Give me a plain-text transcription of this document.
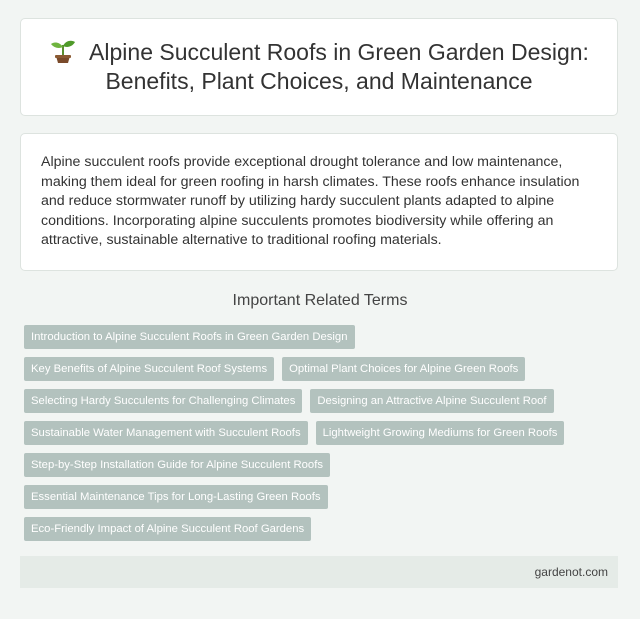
Alpine Succulent Roofs in Green Garden Design: Benefits, Plant Choices, and Maintenance

Alpine succulent roofs provide exceptional drought tolerance and low maintenance, making them ideal for green roofing in harsh climates. These roofs enhance insulation and reduce stormwater runoff by utilizing hardy succulent plants adapted to alpine conditions. Incorporating alpine succulents promotes biodiversity while offering an attractive, sustainable alternative to traditional roofing materials.

Important Related Terms
Introduction to Alpine Succulent Roofs in Green Garden Design
Key Benefits of Alpine Succulent Roof Systems	Optimal Plant Choices for Alpine Green Roofs
Selecting Hardy Succulents for Challenging Climates	Designing an Attractive Alpine Succulent Roof
Sustainable Water Management with Succulent Roofs	Lightweight Growing Mediums for Green Roofs
Step-by-Step Installation Guide for Alpine Succulent Roofs
Essential Maintenance Tips for Long-Lasting Green Roofs
Eco-Friendly Impact of Alpine Succulent Roof Gardens
gardenot.com
